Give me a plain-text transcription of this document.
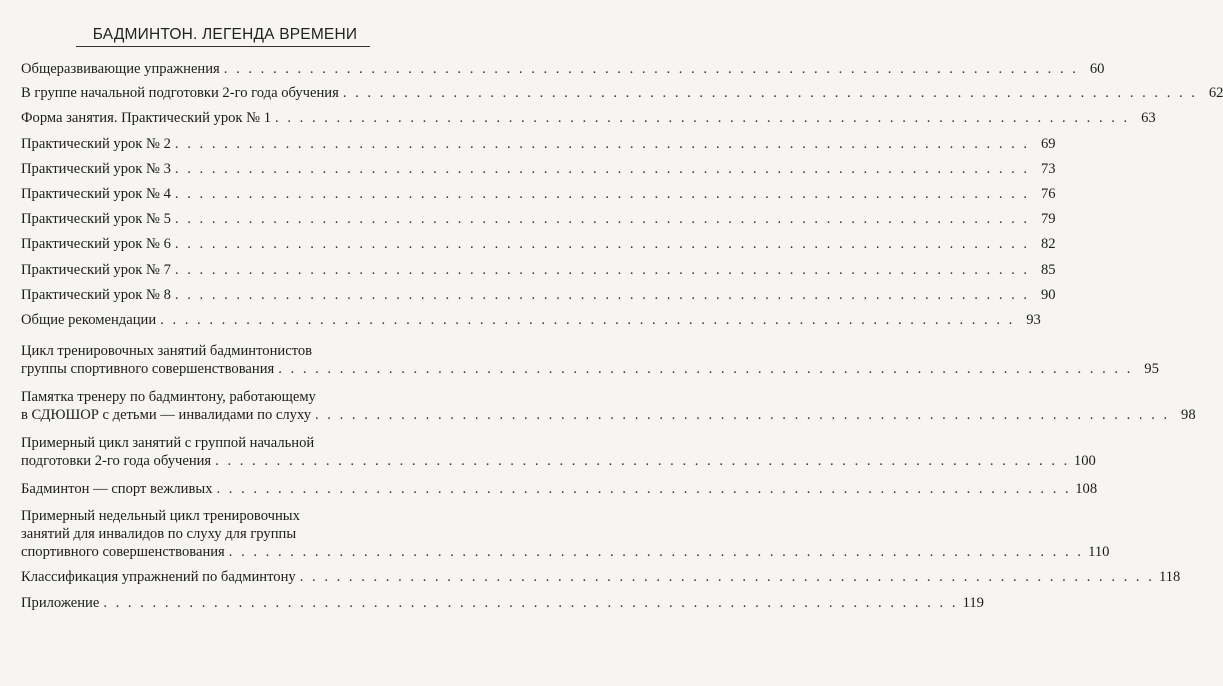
БАДМИНТОН. ЛЕГЕНДА ВРЕМЕНИ
Общеразвивающие упражнения . . . . . . . . . . . . . . . . . . . . . . . . . . . . . . . . . . . . . . . . . . . . . . . . . . . . . . . . . . . . . . . . . . . . . . 60
В группе начальной подготовки 2-го года обучения . . . . . . . . . . . . . . . . . . . . . . . . . . . . . . . . . . . . . . . . . . . . . . . . . . . . . . . . . . . . . . . . . . . . . . 62
Форма занятия. Практический урок № 1 . . . . . . . . . . . . . . . . . . . . . . . . . . . . . . . . . . . . . . . . . . . . . . . . . . . . . . . . . . . . . . . . . . . . . . 63
Практический урок № 2 . . . . . . . . . . . . . . . . . . . . . . . . . . . . . . . . . . . . . . . . . . . . . . . . . . . . . . . . . . . . . . . . . . . . . . 69
Практический урок № 3 . . . . . . . . . . . . . . . . . . . . . . . . . . . . . . . . . . . . . . . . . . . . . . . . . . . . . . . . . . . . . . . . . . . . . . 73
Практический урок № 4 . . . . . . . . . . . . . . . . . . . . . . . . . . . . . . . . . . . . . . . . . . . . . . . . . . . . . . . . . . . . . . . . . . . . . . 76
Практический урок № 5 . . . . . . . . . . . . . . . . . . . . . . . . . . . . . . . . . . . . . . . . . . . . . . . . . . . . . . . . . . . . . . . . . . . . . . 79
Практический урок № 6 . . . . . . . . . . . . . . . . . . . . . . . . . . . . . . . . . . . . . . . . . . . . . . . . . . . . . . . . . . . . . . . . . . . . . . 82
Практический урок № 7 . . . . . . . . . . . . . . . . . . . . . . . . . . . . . . . . . . . . . . . . . . . . . . . . . . . . . . . . . . . . . . . . . . . . . . 85
Практический урок № 8 . . . . . . . . . . . . . . . . . . . . . . . . . . . . . . . . . . . . . . . . . . . . . . . . . . . . . . . . . . . . . . . . . . . . . . 90
Общие рекомендации . . . . . . . . . . . . . . . . . . . . . . . . . . . . . . . . . . . . . . . . . . . . . . . . . . . . . . . . . . . . . . . . . . . . . . 93
Цикл тренировочных занятий бадминтонистов
группы спортивного совершенствования . . . . . . . . . . . . . . . . . . . . . . . . . . . . . . . . . . . . . . . . . . . . . . . . . . . . . . . . . . . . . . . . . . . . . . 95
Памятка тренеру по бадминтону, работающему
в СДЮШОР с детьми — инвалидами по слуху . . . . . . . . . . . . . . . . . . . . . . . . . . . . . . . . . . . . . . . . . . . . . . . . . . . . . . . . . . . . . . . . . . . . . . 98
Примерный цикл занятий с группой начальной
подготовки 2-го года обучения . . . . . . . . . . . . . . . . . . . . . . . . . . . . . . . . . . . . . . . . . . . . . . . . . . . . . . . . . . . . . . . . . . . . . . 100
Бадминтон — спорт вежливых . . . . . . . . . . . . . . . . . . . . . . . . . . . . . . . . . . . . . . . . . . . . . . . . . . . . . . . . . . . . . . . . . . . . . . 108
Примерный недельный цикл тренировочных
занятий для инвалидов по слуху для группы
спортивного совершенствования . . . . . . . . . . . . . . . . . . . . . . . . . . . . . . . . . . . . . . . . . . . . . . . . . . . . . . . . . . . . . . . . . . . . . . 110
Классификация упражнений по бадминтону . . . . . . . . . . . . . . . . . . . . . . . . . . . . . . . . . . . . . . . . . . . . . . . . . . . . . . . . . . . . . . . . . . . . . . 118
Приложение . . . . . . . . . . . . . . . . . . . . . . . . . . . . . . . . . . . . . . . . . . . . . . . . . . . . . . . . . . . . . . . . . . . . . . 119
